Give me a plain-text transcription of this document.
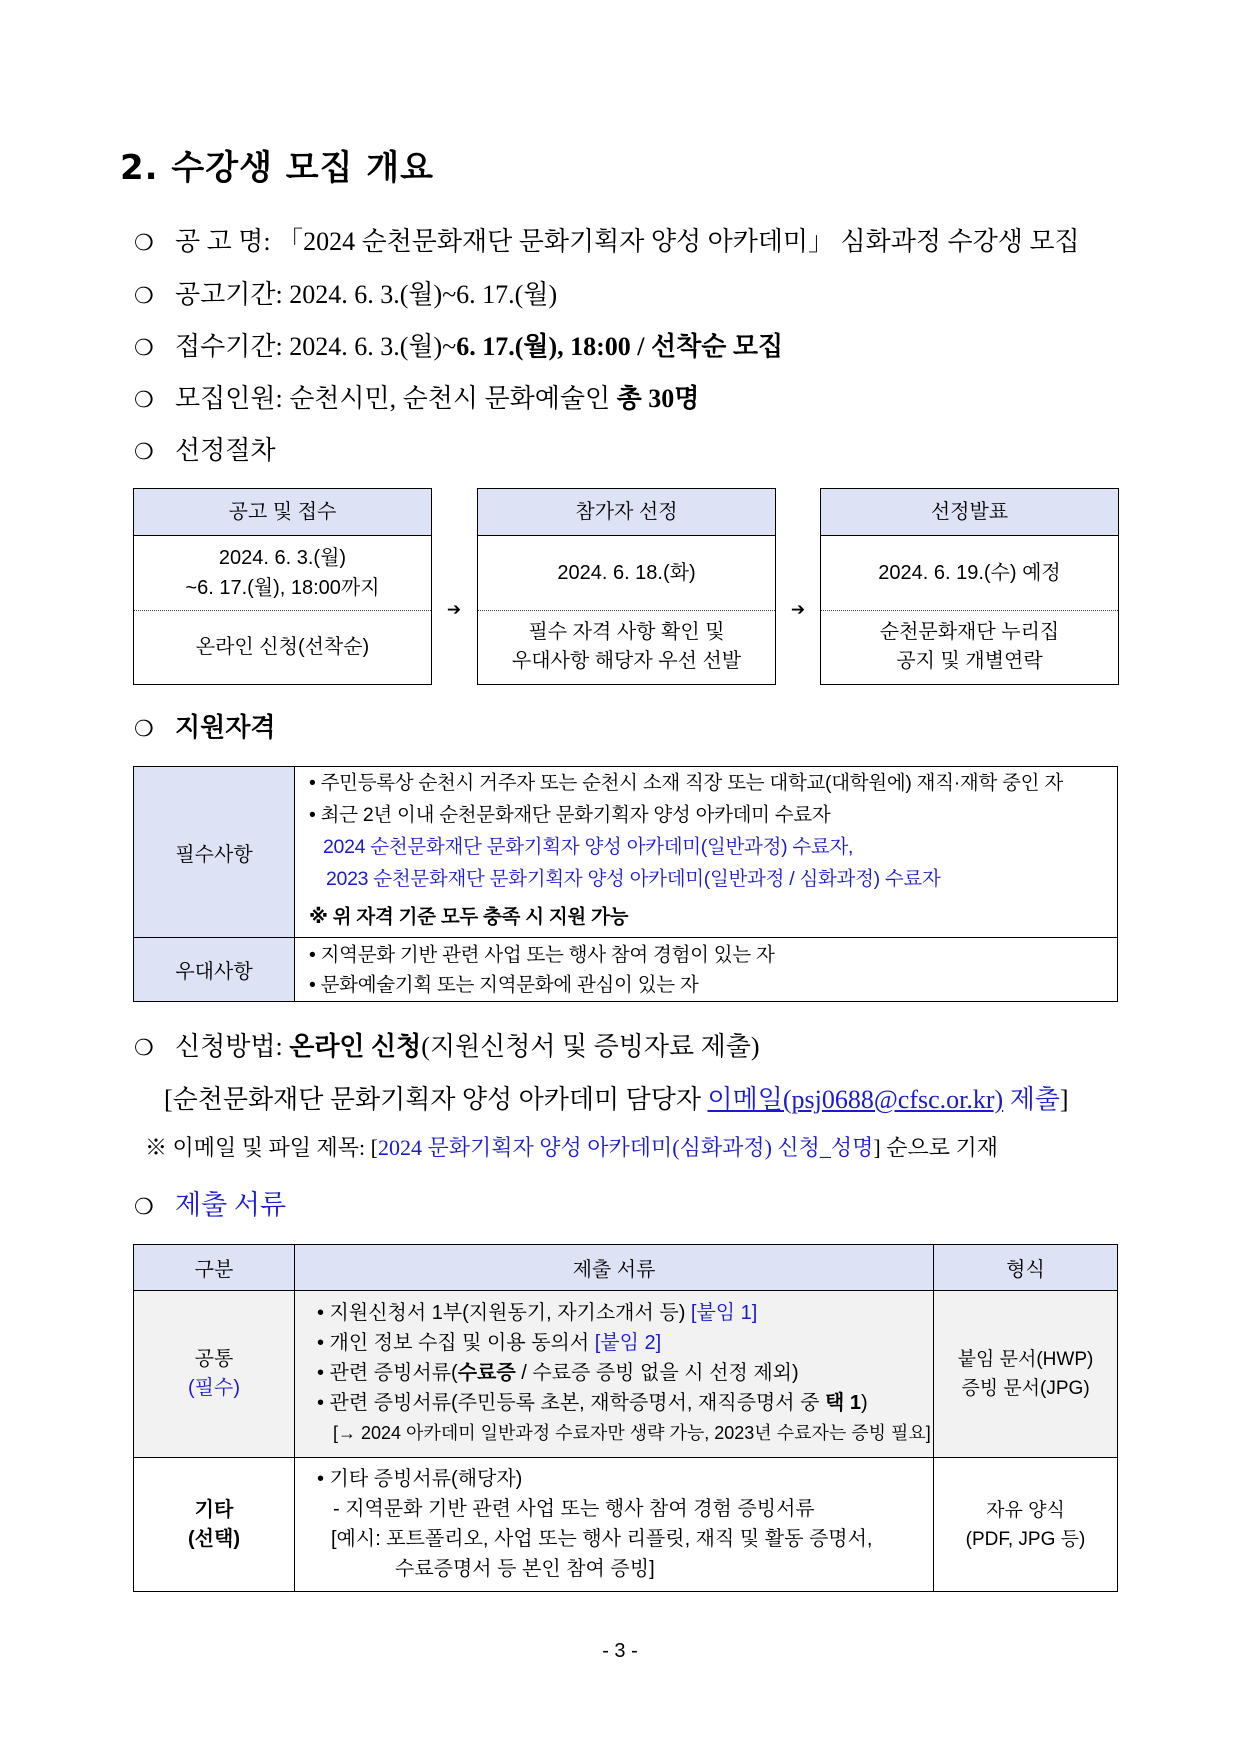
2. 수강생 모집 개요
❍ 공 고 명: 「2024 순천문화재단 문화기획자 양성 아카데미」 심화과정 수강생 모집
❍ 공고기간: 2024. 6. 3.(월)~6. 17.(월)
❍ 접수기간: 2024. 6. 3.(월)~6. 17.(월), 18:00 / 선착순 모집
❍ 모집인원: 순천시민, 순천시 문화예술인 총 30명
❍ 선정절차
공고 및 접수
2024. 6. 3.(월)
~6. 17.(월), 18:00까지
온라인 신청(선착순)
➔
참가자 선정
2024. 6. 18.(화)
필수 자격 사항 확인 및
우대사항 해당자 우선 선발
➔
선정발표
2024. 6. 19.(수) 예정
순천문화재단 누리집
공지 및 개별연락
❍ 지원자격
필수사항
• 주민등록상 순천시 거주자 또는 순천시 소재 직장 또는 대학교(대학원에) 재직·재학 중인 자
• 최근 2년 이내 순천문화재단 문화기획자 양성 아카데미 수료자
2024 순천문화재단 문화기획자 양성 아카데미(일반과정) 수료자,
2023 순천문화재단 문화기획자 양성 아카데미(일반과정 / 심화과정) 수료자
※ 위 자격 기준 모두 충족 시 지원 가능
우대사항
• 지역문화 기반 관련 사업 또는 행사 참여 경험이 있는 자
• 문화예술기획 또는 지역문화에 관심이 있는 자
❍ 신청방법: 온라인 신청(지원신청서 및 증빙자료 제출)
[순천문화재단 문화기획자 양성 아카데미 담당자 이메일(psj0688@cfsc.or.kr) 제출]
※ 이메일 및 파일 제목: [2024 문화기획자 양성 아카데미(심화과정) 신청_성명] 순으로 기재
❍ 제출 서류
구분	제출 서류	형식
공통
(필수)
• 지원신청서 1부(지원동기, 자기소개서 등) [붙임 1]
• 개인 정보 수집 및 이용 동의서 [붙임 2]
• 관련 증빙서류(수료증 / 수료증 증빙 없을 시 선정 제외)
• 관련 증빙서류(주민등록 초본, 재학증명서, 재직증명서 중 택 1)
[→ 2024 아카데미 일반과정 수료자만 생략 가능, 2023년 수료자는 증빙 필요]
붙임 문서(HWP)
증빙 문서(JPG)
기타
(선택)
• 기타 증빙서류(해당자)
- 지역문화 기반 관련 사업 또는 행사 참여 경험 증빙서류
[예시: 포트폴리오, 사업 또는 행사 리플릿, 재직 및 활동 증명서,
수료증명서 등 본인 참여 증빙]
자유 양식
(PDF, JPG 등)
- 3 -
